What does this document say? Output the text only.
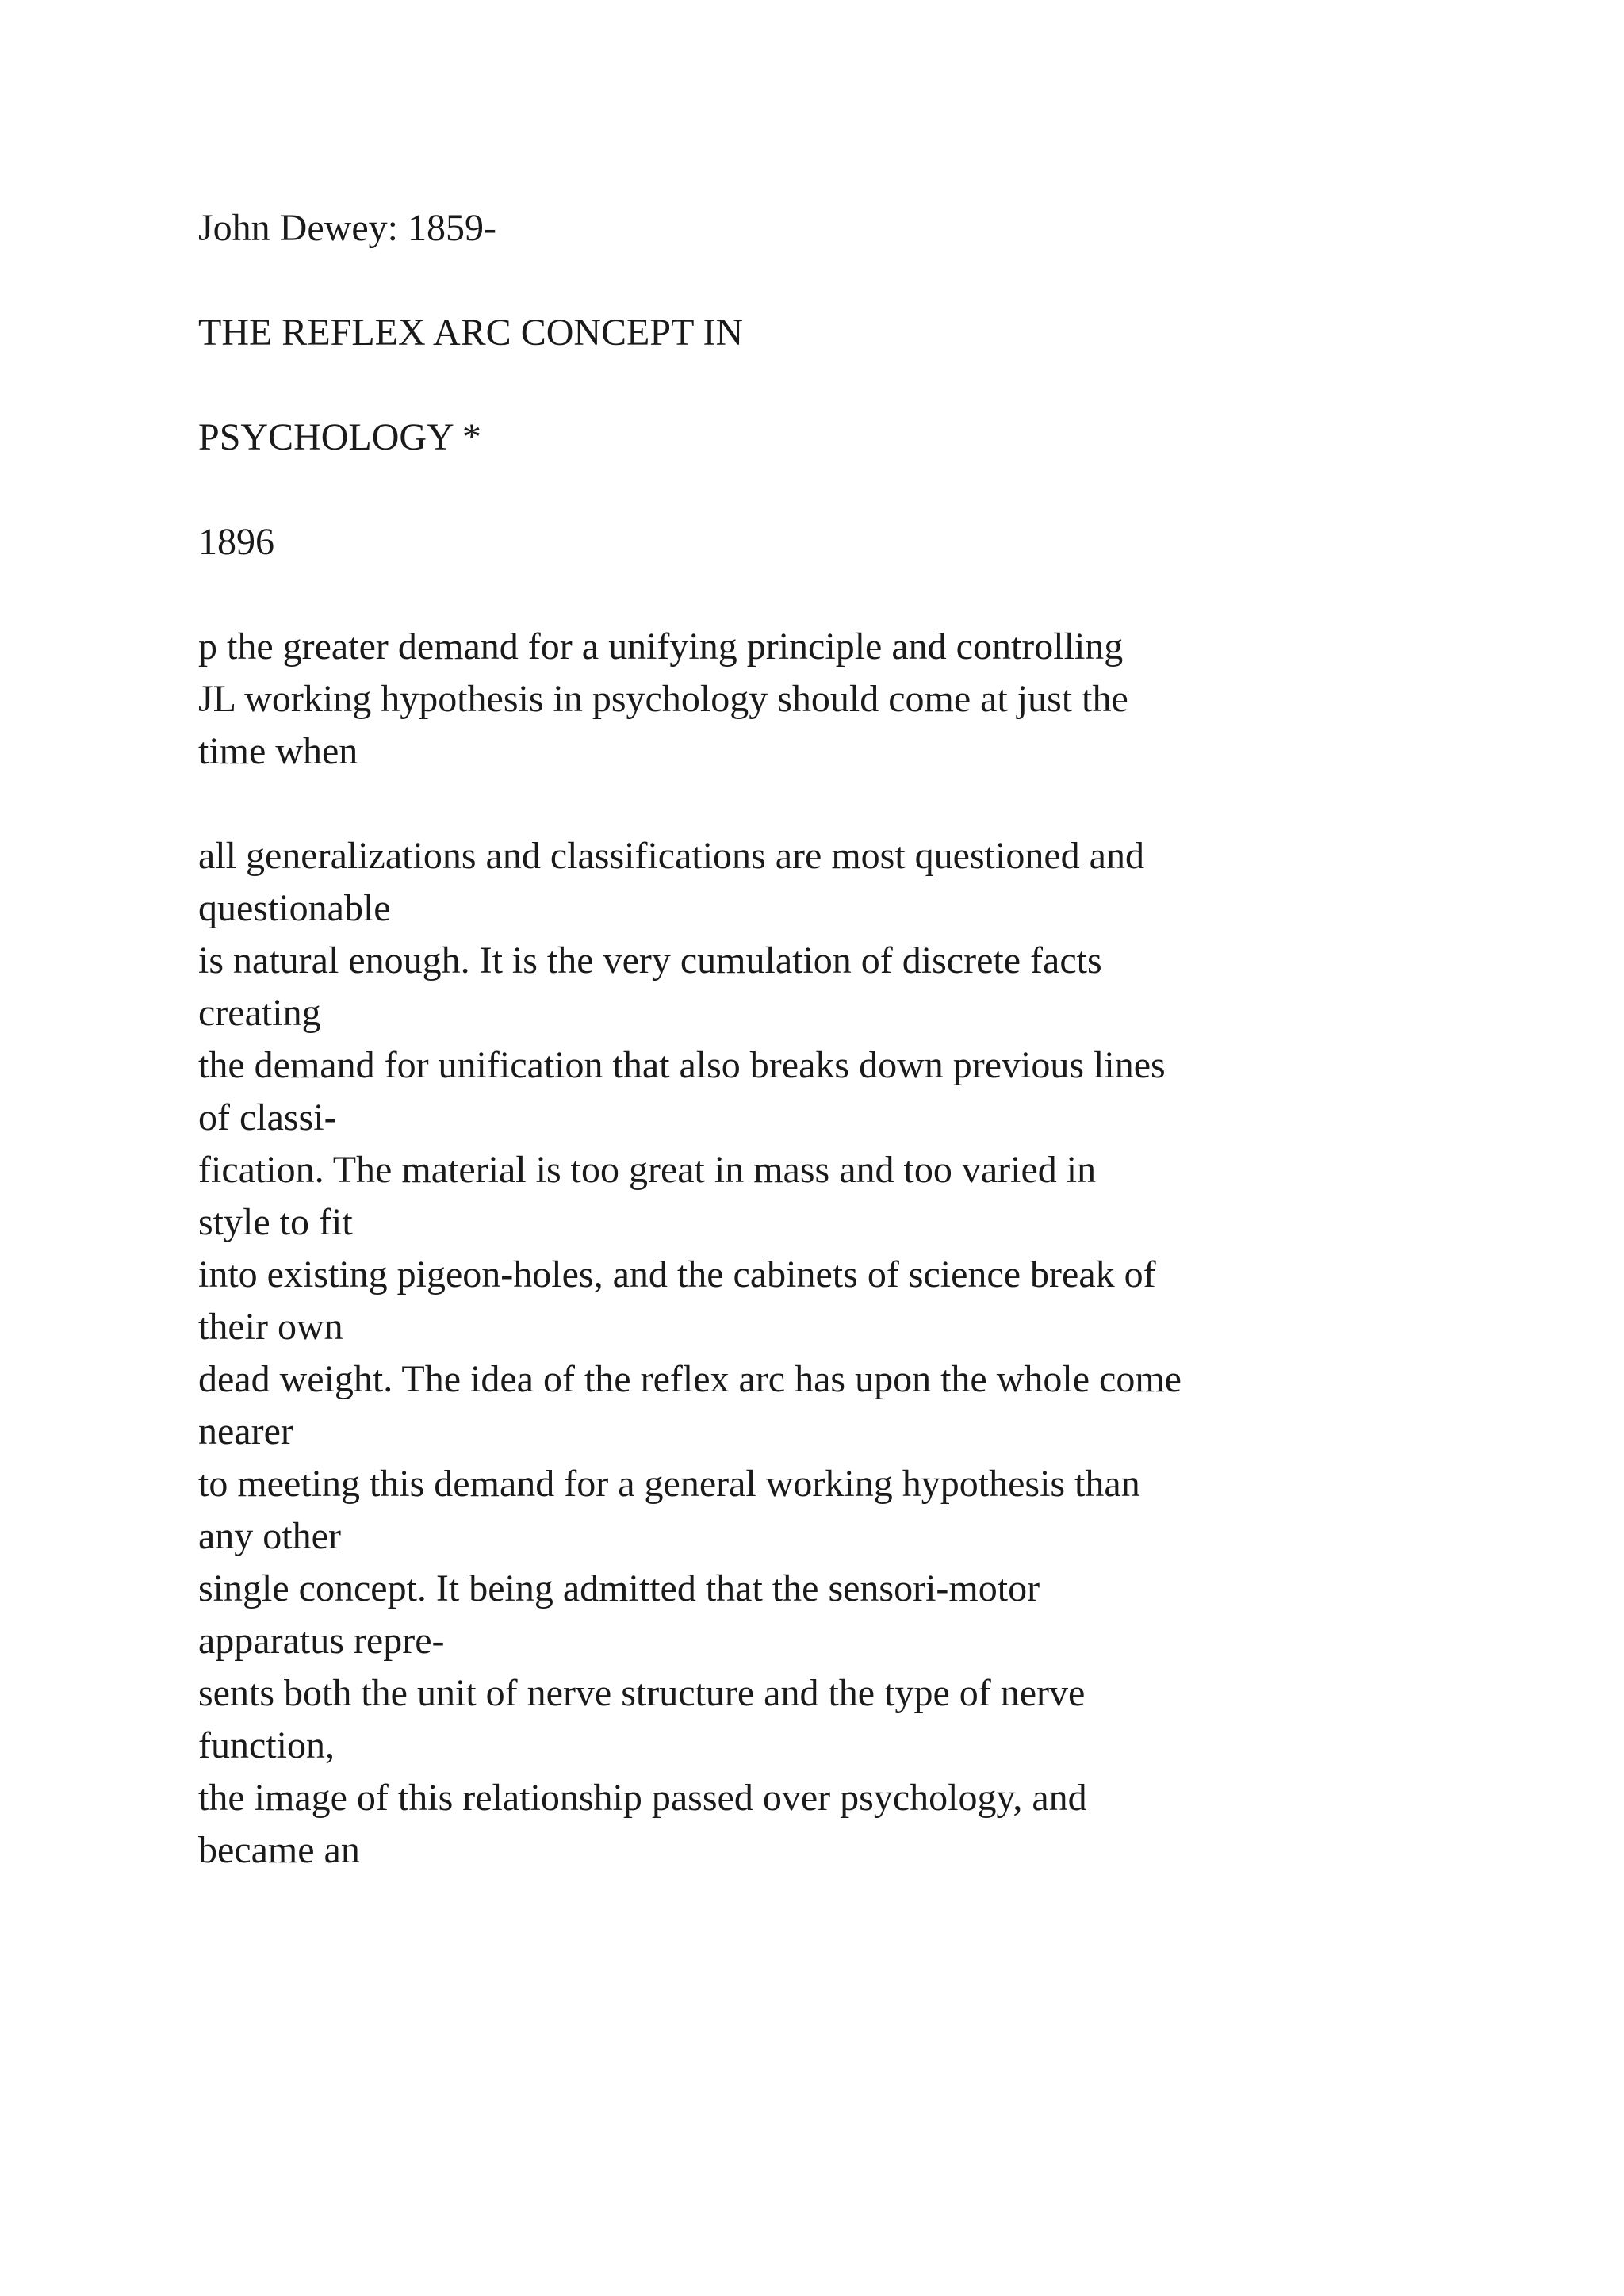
John Dewey: 1859-
THE REFLEX ARC CONCEPT IN
PSYCHOLOGY *
1896
p the greater demand for a unifying principle and controlling
JL working hypothesis in psychology should come at just the
time when
all generalizations and classifications are most questioned and
questionable
is natural enough. It is the very cumulation of discrete facts
creating
the demand for unification that also breaks down previous lines
of classi-
fication. The material is too great in mass and too varied in
style to fit
into existing pigeon-holes, and the cabinets of science break of
their own
dead weight. The idea of the reflex arc has upon the whole come
nearer
to meeting this demand for a general working hypothesis than
any other
single concept. It being admitted that the sensori-motor
apparatus repre-
sents both the unit of nerve structure and the type of nerve
function,
the image of this relationship passed over psychology, and
became an
